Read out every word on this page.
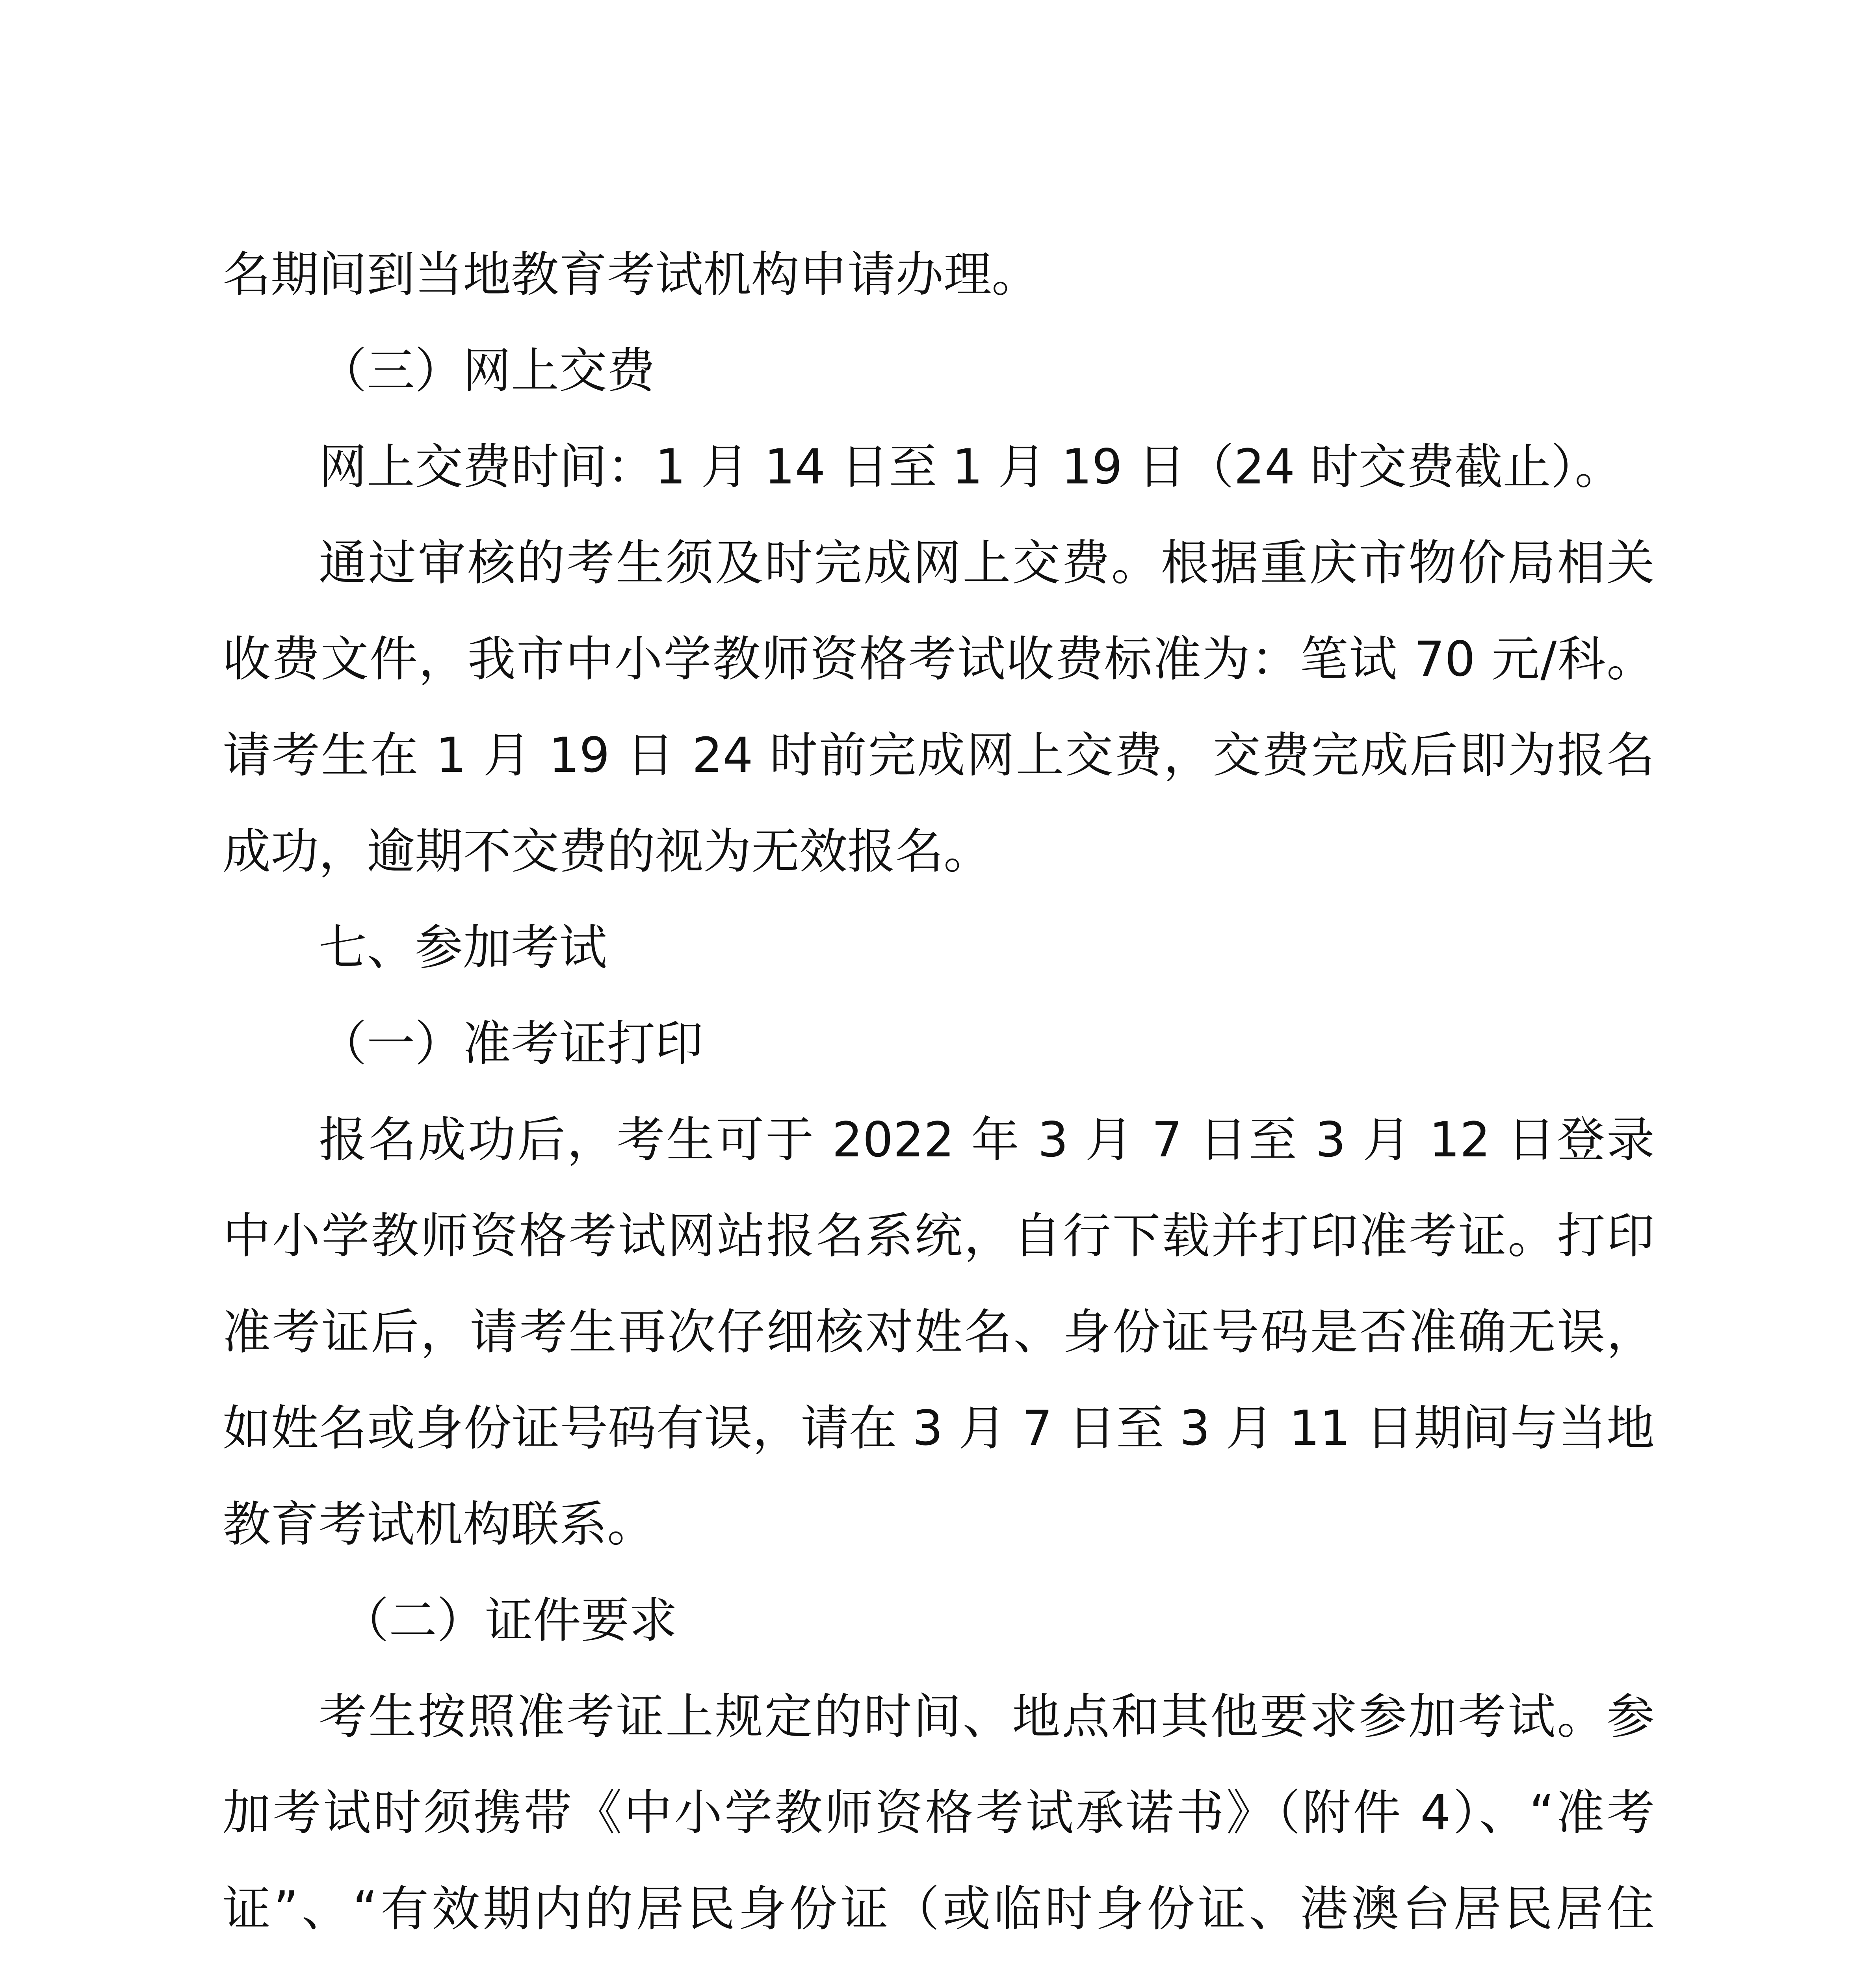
名期间到当地教育考试机构申请办理。

（三）网上交费

网上交费时间：1 月 14 日至 1 月 19 日（24 时交费截止）。

通过审核的考生须及时完成网上交费。根据重庆市物价局相关收费文件，我市中小学教师资格考试收费标准为：笔试 70 元/科。请考生在 1 月 19 日 24 时前完成网上交费，交费完成后即为报名成功，逾期不交费的视为无效报名。

七、参加考试

（一）准考证打印

报名成功后，考生可于 2022 年 3 月 7 日至 3 月 12 日登录中小学教师资格考试网站报名系统，自行下载并打印准考证。打印准考证后，请考生再次仔细核对姓名、身份证号码是否准确无误，如姓名或身份证号码有误，请在 3 月 7 日至 3 月 11 日期间与当地教育考试机构联系。

（二）证件要求

考生按照准考证上规定的时间、地点和其他要求参加考试。参加考试时须携带《中小学教师资格考试承诺书》（附件 4）、“准考证”、“有效期内的居民身份证（或临时身份证、港澳台居民居住
